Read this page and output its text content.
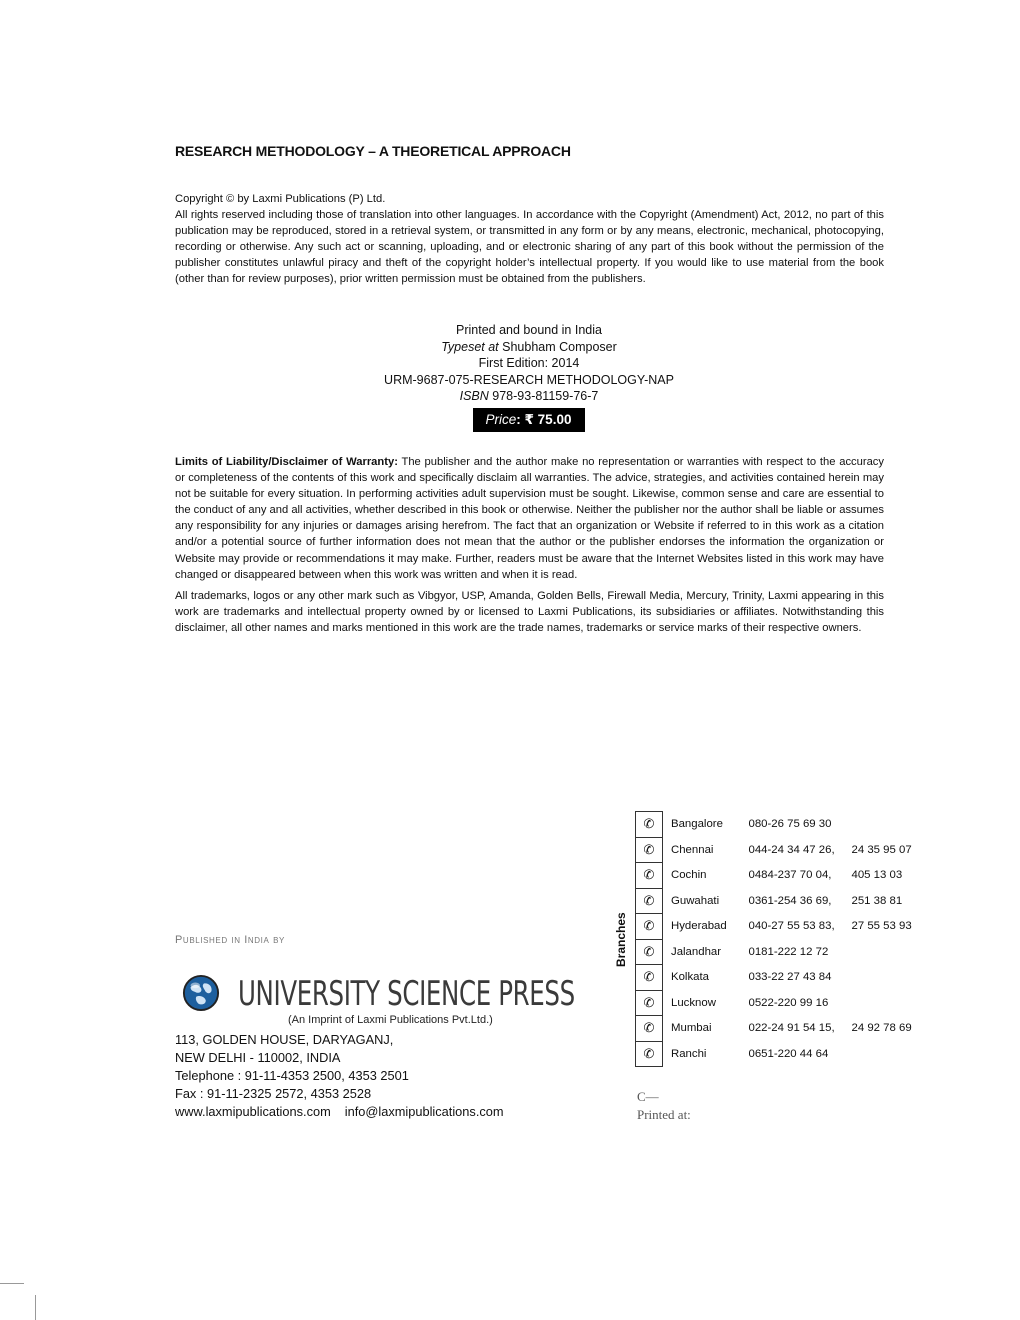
RESEARCH METHODOLOGY – A THEORETICAL APPROACH

Copyright © by Laxmi Publications (P) Ltd.

All rights reserved including those of translation into other languages. In accordance with the Copyright (Amendment) Act, 2012, no part of this publication may be reproduced, stored in a retrieval system, or transmitted in any form or by any means, electronic, mechanical, photocopying, recording or otherwise. Any such act or scanning, uploading, and or electronic sharing of any part of this book without the permission of the publisher constitutes unlawful piracy and theft of the copyright holder’s intellectual property. If you would like to use material from the book (other than for review purposes), prior written permission must be obtained from the publishers.

Printed and bound in India
Typeset at Shubham Composer
First Edition: 2014
URM-9687-075-RESEARCH METHODOLOGY-NAP
ISBN 978-93-81159-76-7
Price: ₹ 75.00

Limits of Liability/Disclaimer of Warranty: The publisher and the author make no representation or warranties with respect to the accuracy or completeness of the contents of this work and specifically disclaim all warranties. The advice, strategies, and activities contained herein may not be suitable for every situation. In performing activities adult supervision must be sought. Likewise, common sense and care are essential to the conduct of any and all activities, whether described in this book or otherwise. Neither the publisher nor the author shall be liable or assumes any responsibility for any injuries or damages arising herefrom. The fact that an organization or Website if referred to in this work as a citation and/or a potential source of further information does not mean that the author or the publisher endorses the information the organization or Website may provide or recommendations it may make. Further, readers must be aware that the Internet Websites listed in this work may have changed or disappeared between when this work was written and when it is read.

All trademarks, logos or any other mark such as Vibgyor, USP, Amanda, Golden Bells, Firewall Media, Mercury, Trinity, Laxmi appearing in this work are trademarks and intellectual property owned by or licensed to Laxmi Publications, its subsidiaries or affiliates. Notwithstanding this disclaimer, all other names and marks mentioned in this work are the trade names, trademarks or service marks of their respective owners.

Published in India by
UNIVERSITY SCIENCE PRESS
(An Imprint of Laxmi Publications Pvt.Ltd.)
113, GOLDEN HOUSE, DARYAGANJ,
NEW DELHI - 110002, INDIA
Telephone : 91-11-4353 2500, 4353 2501
Fax : 91-11-2325 2572, 4353 2528
www.laxmipublications.com info@laxmipublications.com
Branches
✆	Bangalore	080-26 75 69 30	
✆	Chennai	044-24 34 47 26,	24 35 95 07
✆	Cochin	0484-237 70 04,	405 13 03
✆	Guwahati	0361-254 36 69,	251 38 81
✆	Hyderabad	040-27 55 53 83,	27 55 53 93
✆	Jalandhar	0181-222 12 72	
✆	Kolkata	033-22 27 43 84	
✆	Lucknow	0522-220 99 16	
✆	Mumbai	022-24 91 54 15,	24 92 78 69
✆	Ranchi	0651-220 44 64	
C—
Printed at:
